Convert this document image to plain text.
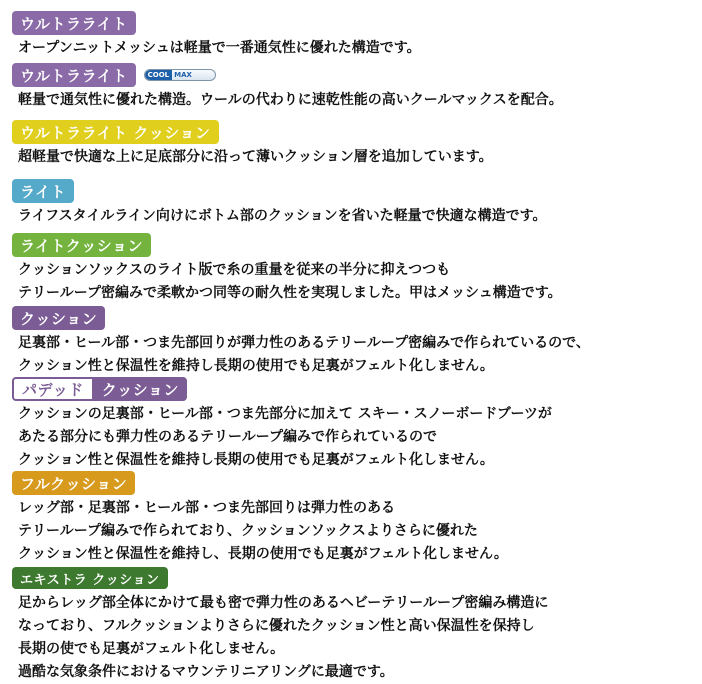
ウルトラライト
オープンニットメッシュは軽量で一番通気性に優れた構造です。
ウルトラライト	COOL MAX
軽量で通気性に優れた構造。ウールの代わりに速乾性能の高いクールマックスを配合。
ウルトラライト クッション
超軽量で快適な上に足底部分に沿って薄いクッション層を追加しています。
ライト
ライフスタイルライン向けにボトム部のクッションを省いた軽量で快適な構造です。
ライトクッション
クッションソックスのライト版で糸の重量を従来の半分に抑えつつも
テリーループ密編みで柔軟かつ同等の耐久性を実現しました。甲はメッシュ構造です。
クッション
足裏部・ヒール部・つま先部回りが弾力性のあるテリーループ密編みで作られているので、
クッション性と保温性を維持し長期の使用でも足裏がフェルト化しません。
パデッド	クッション
クッションの足裏部・ヒール部・つま先部分に加えて スキー・スノーボードブーツが
あたる部分にも弾力性のあるテリーループ編みで作られているので
クッション性と保温性を維持し長期の使用でも足裏がフェルト化しません。
フルクッション
レッグ部・足裏部・ヒール部・つま先部回りは弾力性のある
テリーループ編みで作られており、クッションソックスよりさらに優れた
クッション性と保温性を維持し、長期の使用でも足裏がフェルト化しません。
エキストラ クッション
足からレッグ部全体にかけて最も密で弾力性のあるヘビーテリーループ密編み構造に
なっており、フルクッションよりさらに優れたクッション性と高い保温性を保持し
長期の使でも足裏がフェルト化しません。
過酷な気象条件におけるマウンテリニアリングに最適です。
